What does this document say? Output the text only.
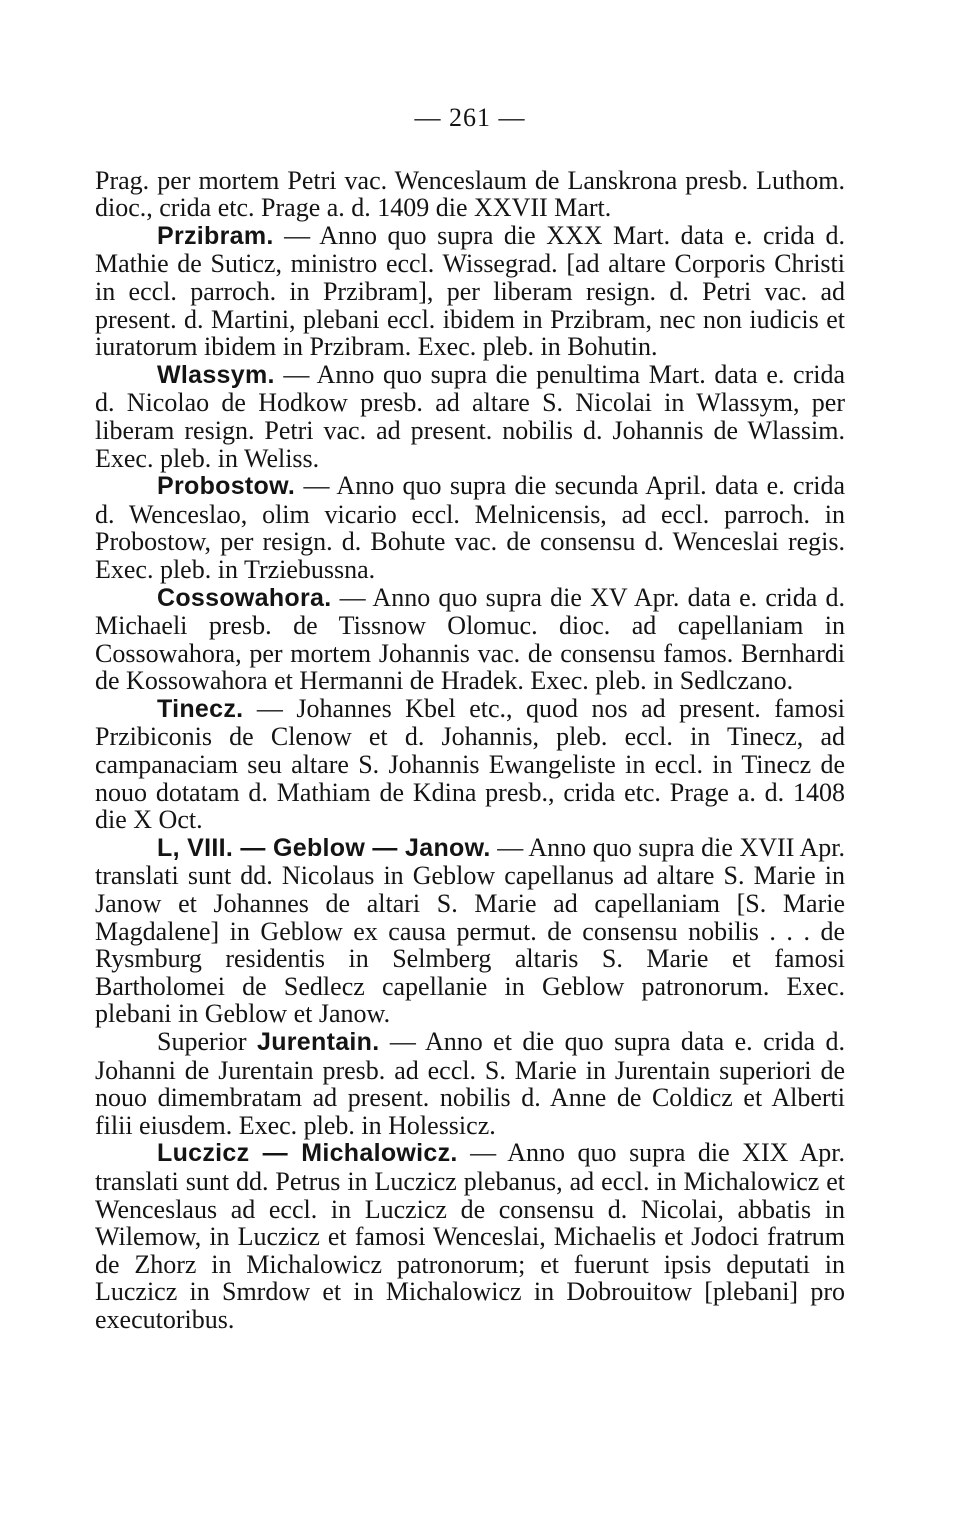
— 261 —

Prag. per mortem Petri vac. Wenceslaum de Lanskrona presb. Luthom. dioc., crida etc. Prage a. d. 1409 die XXVII Mart.

Przibram. — Anno quo supra die XXX Mart. data e. crida d. Mathie de Suticz, ministro eccl. Wissegrad. [ad altare Corporis Christi in eccl. parroch. in Przibram], per liberam resign. d. Petri vac. ad present. d. Martini, plebani eccl. ibidem in Przibram, nec non iudicis et iuratorum ibidem in Przibram. Exec. pleb. in Bohutin.

Wlassym. — Anno quo supra die penultima Mart. data e. crida d. Nicolao de Hodkow presb. ad altare S. Nicolai in Wlassym, per liberam resign. Petri vac. ad present. nobilis d. Johannis de Wlassim. Exec. pleb. in Weliss.

Probostow. — Anno quo supra die secunda April. data e. crida d. Wenceslao, olim vicario eccl. Melnicensis, ad eccl. parroch. in Probostow, per resign. d. Bohute vac. de consensu d. Wenceslai regis. Exec. pleb. in Trziebussna.

Cossowahora. — Anno quo supra die XV Apr. data e. crida d. Michaeli presb. de Tissnow Olomuc. dioc. ad capellaniam in Cossowahora, per mortem Johannis vac. de consensu famos. Bernhardi de Kossowahora et Hermanni de Hradek. Exec. pleb. in Sedlczano.

Tinecz. — Johannes Kbel etc., quod nos ad present. famosi Przibiconis de Clenow et d. Johannis, pleb. eccl. in Tinecz, ad campanaciam seu altare S. Johannis Ewangeliste in eccl. in Tinecz de nouo dotatam d. Mathiam de Kdina presb., crida etc. Prage a. d. 1408 die X Oct.

L, VIII. — Geblow — Janow. — Anno quo supra die XVII Apr. translati sunt dd. Nicolaus in Geblow capellanus ad altare S. Marie in Janow et Johannes de altari S. Marie ad capellaniam [S. Marie Magdalene] in Geblow ex causa permut. de consensu nobilis . . . de Rysmburg residentis in Selmberg altaris S. Marie et famosi Bartholomei de Sedlecz capellanie in Geblow patronorum. Exec. plebani in Geblow et Janow.

Superior Jurentain. — Anno et die quo supra data e. crida d. Johanni de Jurentain presb. ad eccl. S. Marie in Jurentain superiori de nouo dimembratam ad present. nobilis d. Anne de Coldicz et Alberti filii eiusdem. Exec. pleb. in Holessicz.

Luczicz — Michalowicz. — Anno quo supra die XIX Apr. translati sunt dd. Petrus in Luczicz plebanus, ad eccl. in Michalowicz et Wenceslaus ad eccl. in Luczicz de consensu d. Nicolai, abbatis in Wilemow, in Luczicz et famosi Wenceslai, Michaelis et Jodoci fratrum de Zhorz in Michalowicz patronorum; et fuerunt ipsis deputati in Luczicz in Smrdow et in Michalowicz in Dobrouitow [plebani] pro executoribus.
